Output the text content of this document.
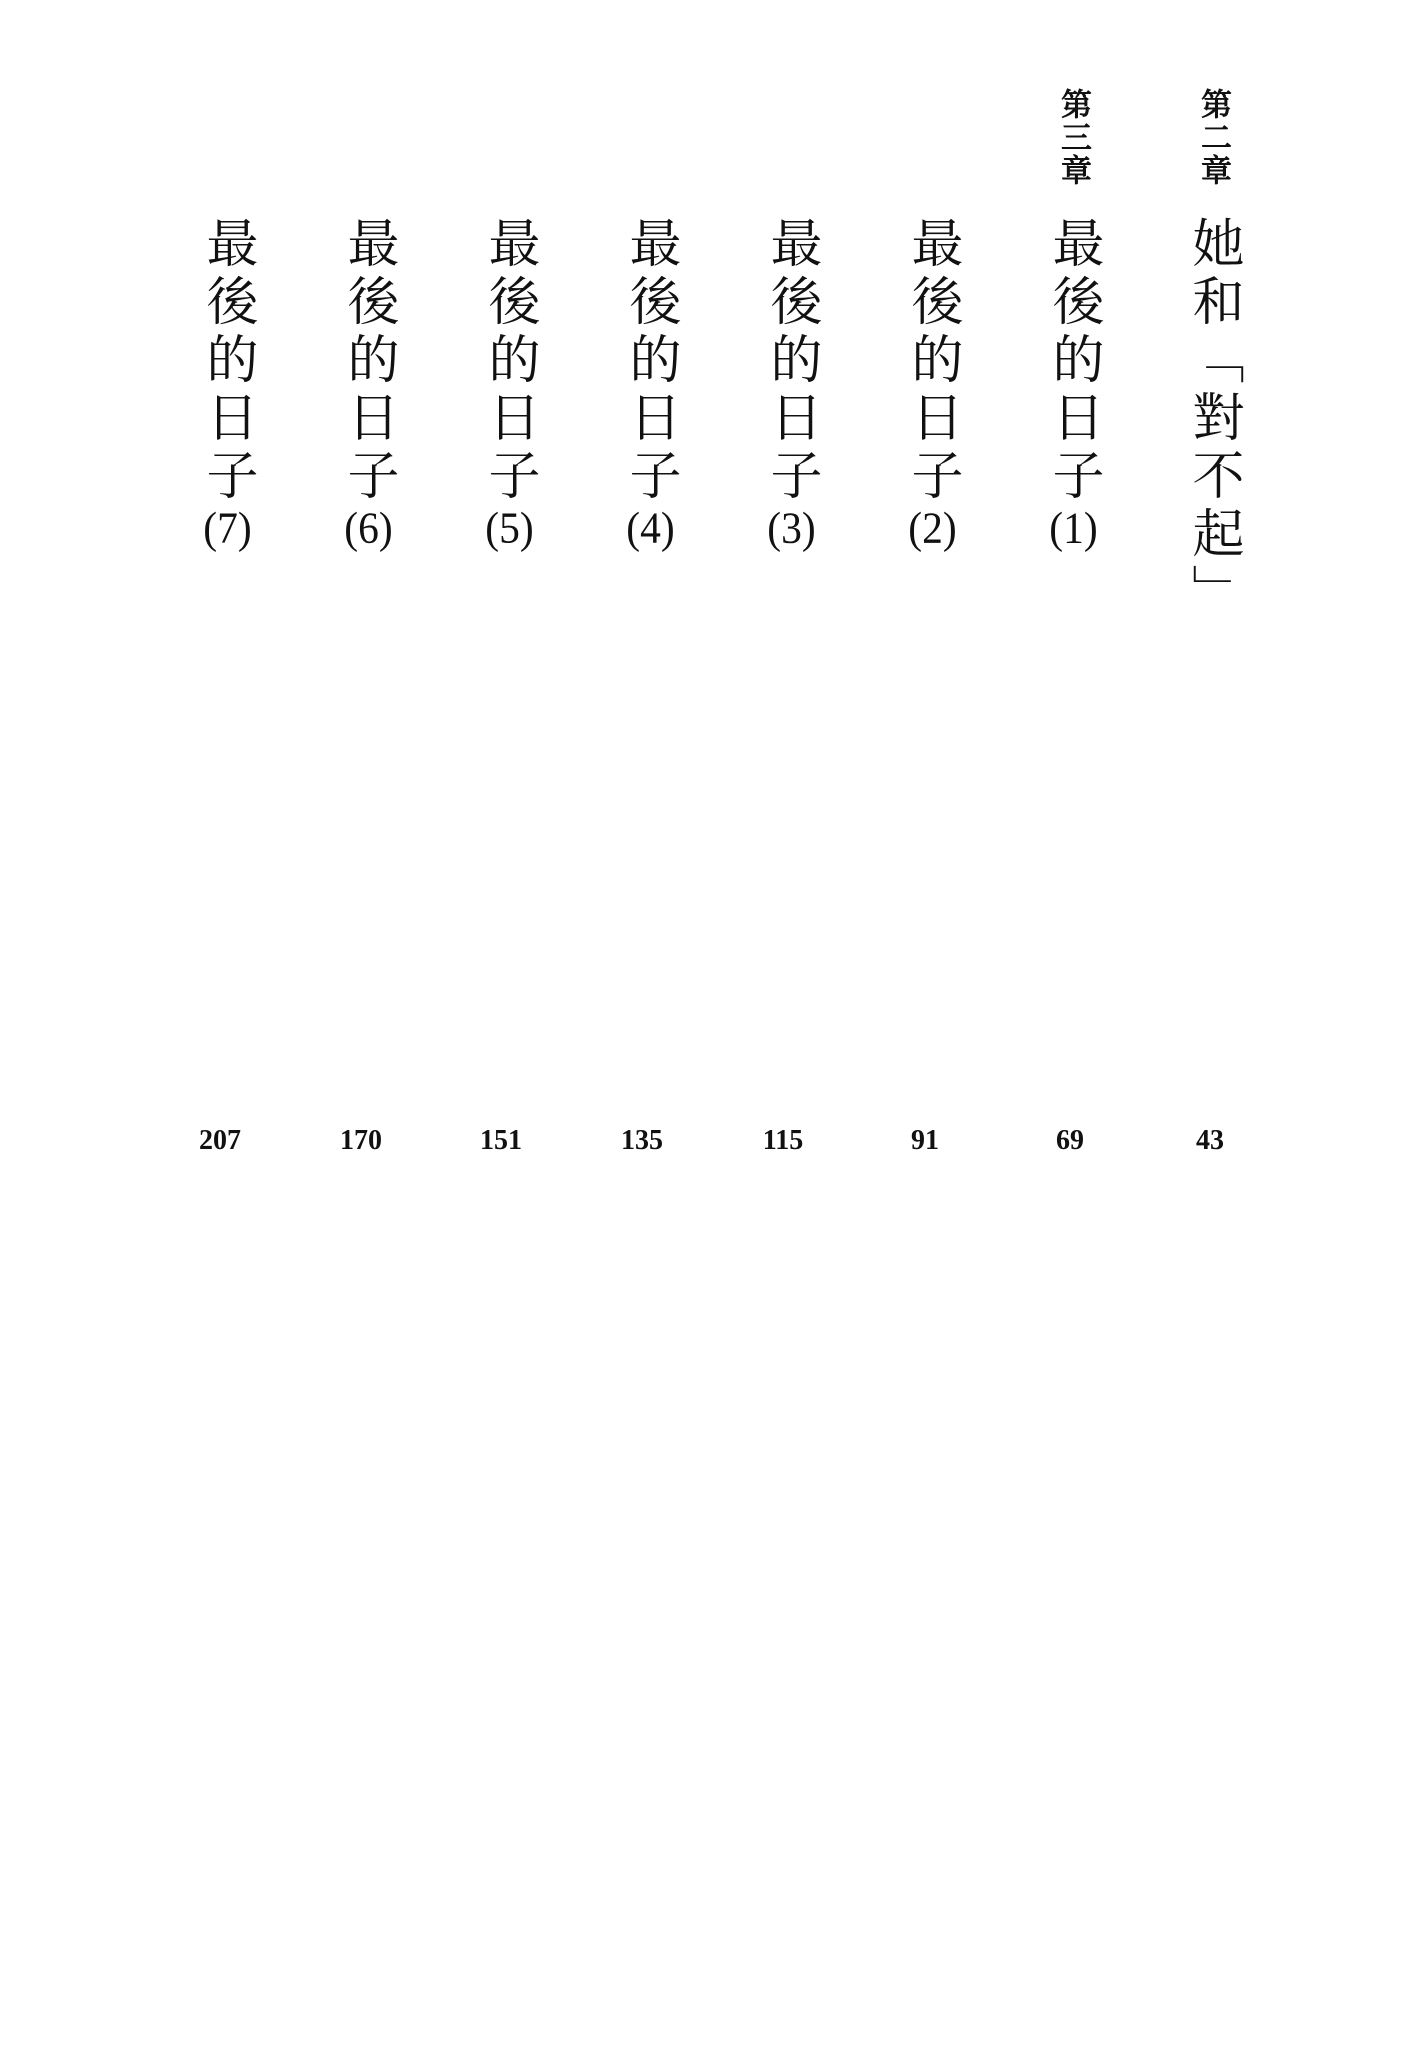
第二章
她和「對不起」
43
第三章
最後的日子(1)
69
最後的日子(2)
91
最後的日子(3)
115
最後的日子(4)
135
最後的日子(5)
151
最後的日子(6)
170
最後的日子(7)
207
